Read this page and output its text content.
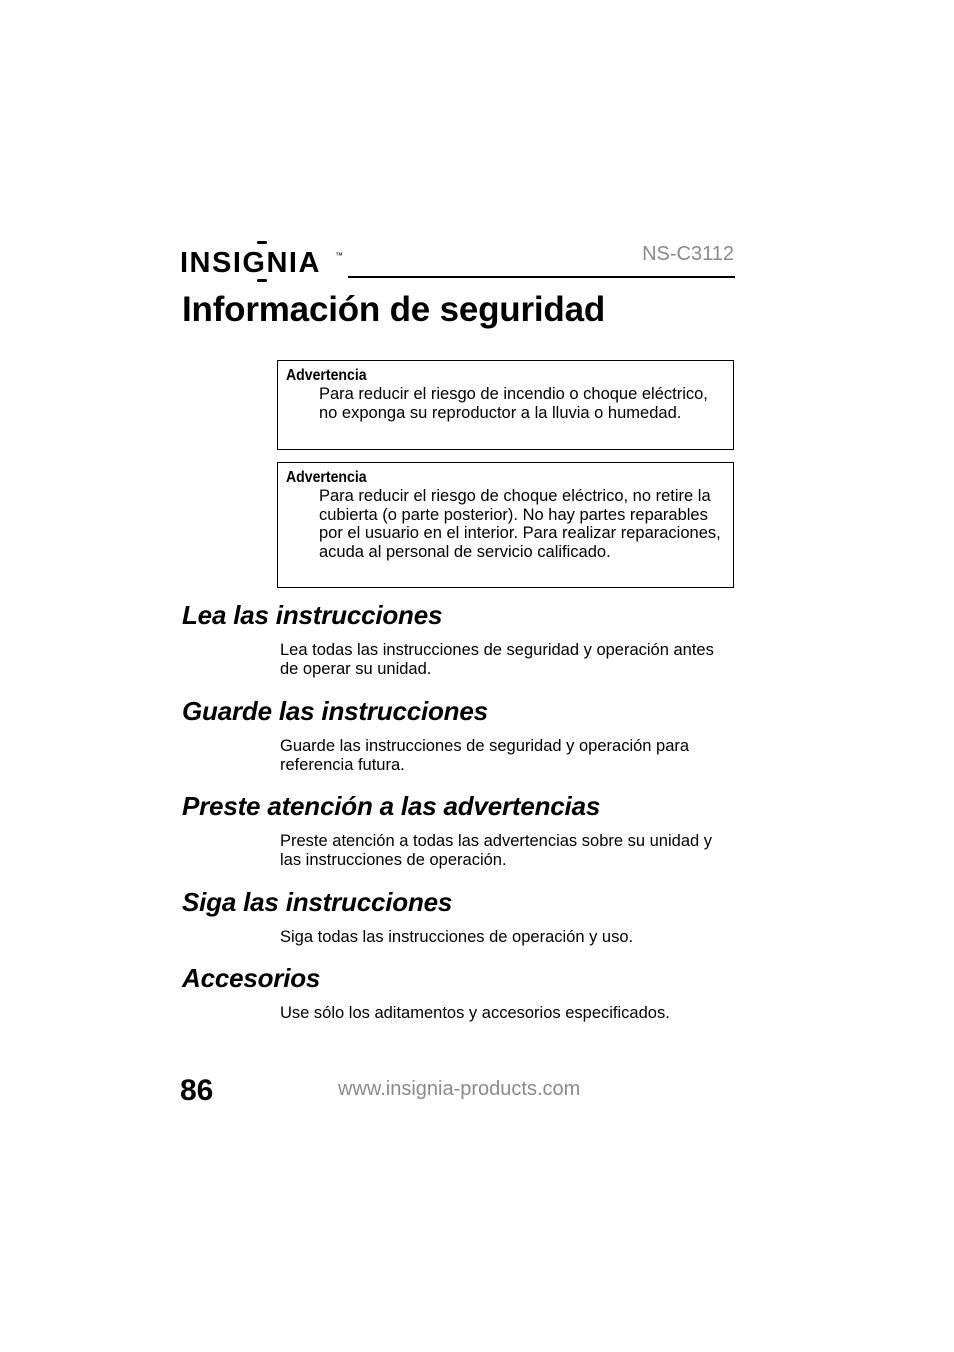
INSIGNIA ™	NS-C3112
Información de seguridad
Advertencia
Para reducir el riesgo de incendio o choque eléctrico, no exponga su reproductor a la lluvia o humedad.
Advertencia
Para reducir el riesgo de choque eléctrico, no retire la cubierta (o parte posterior). No hay partes reparables por el usuario en el interior. Para realizar reparaciones, acuda al personal de servicio calificado.
Lea las instrucciones
Lea todas las instrucciones de seguridad y operación antes de operar su unidad.
Guarde las instrucciones
Guarde las instrucciones de seguridad y operación para referencia futura.
Preste atención a las advertencias
Preste atención a todas las advertencias sobre su unidad y las instrucciones de operación.
Siga las instrucciones
Siga todas las instrucciones de operación y uso.
Accesorios
Use sólo los aditamentos y accesorios especificados.
86	www.insignia-products.com
